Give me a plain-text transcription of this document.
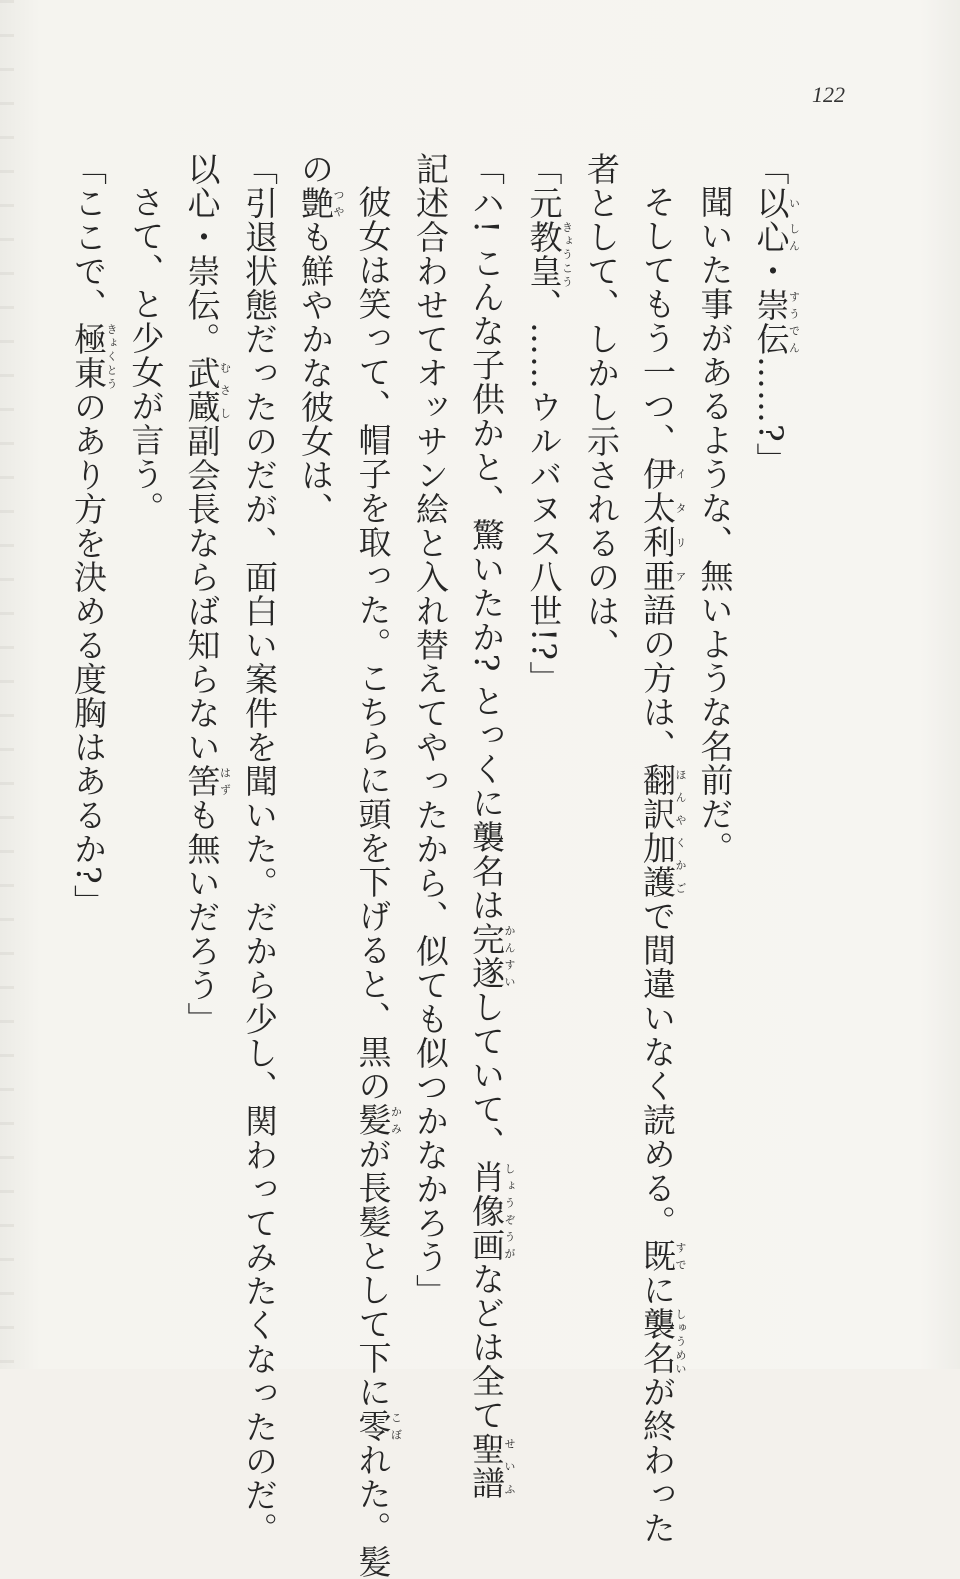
122
「以い心しん・崇すう伝でん……?」
聞いた事があるような、無いような名前だ。
そしてもう一つ、伊太利亜イタリア語の方は、翻訳加護ほんやくかごで間違いなく読める。既すでに襲名しゅうめいが終わった
者として、しかし示されるのは、
「元教皇きょうこう、……ウルバヌス八世!?」
「ハ! こんな子供かと、驚いたか? とっくに襲名は完遂かんすいしていて、肖像画しょうぞうがなどは全て聖譜せいふ
記述合わせてオッサン絵と入れ替えてやったから、似ても似つかなかろう」
彼女は笑って、帽子を取った。こちらに頭を下げると、黒の髪かみが長髪として下に零こぼれた。髪
の艶つやも鮮やかな彼女は、
「引退状態だったのだが、面白い案件を聞いた。だから少し、関わってみたくなったのだ。
以心・崇伝。武蔵むさし副会長ならば知らない筈はずも無いだろう」
さて、と少女が言う。
「ここで、極東きょくとうのあり方を決める度胸はあるか?」
